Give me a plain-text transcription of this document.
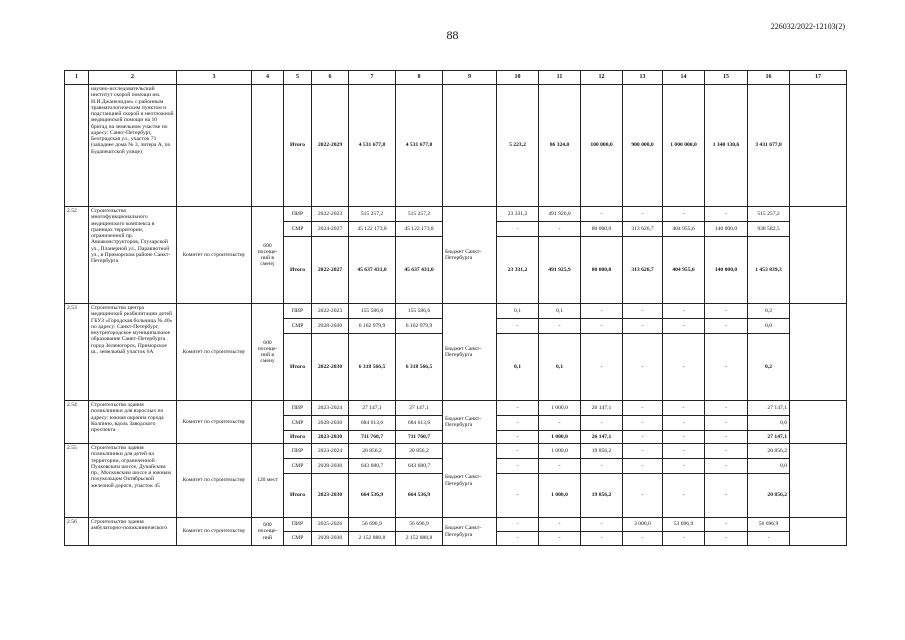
88
226032/2022-12103(2)
1	2	3	4	5	6	7	8	9	10	11	12	13	14	15	16	17
	научно-исследовательский институт скорой помощи им. И.И.Джанелидзе» с районным травматологическим пунктом и подстанцией скорой и неотложной медицинской помощи на 10 бригад на земельном участке по адресу: Санкт-Петербург, Белградская ул., участок 71 (западнее дома № 3, литера А, по Будапештской улице)			Итого	2022-2029	4 531 677,8	4 531 677,8		5 223,2	86 324,0	100 000,0	900 000,0	1 000 000,0	1 340 130,6	3 431 677,8	
2.52	Строительство многофункционального медицинского комплекса в границах территории, ограниченной пр. Авиаконструкторов, Глухарской ул., Планерной ул., Парашютной ул., в Приморском районе Санкт-Петербурга	Комитет по строительству	600 посеще-ний в смену	ПИР	2022-2023	515 257,2	515 257,2	Бюджет Санкт-Петербурга	23 331,2	491 926,0	-	-	-	-	515 257,2	
				СМР	2024-2027	45 122 173,8	45 122 173,8		-	-	80 000,0	313 626,7	404 955,6	140 000,0	938 582,5	
				Итого	2022-2027	45 637 431,0	45 637 431,0		23 331,2	491 925,9	80 000,0	313 626,7	404 955,6	140 000,0	1 453 839,3	
2.53	Строительство центра медицинской реабилитации детей ГБУЗ «Городская больница № 40» по адресу: Санкт-Петербург, внутригородское муниципальное образование Санкт-Петербурга город Зеленогорск, Приморское ш., земельный участок 6А	Комитет по строительству	600 посеще-ний в смену	ПИР	2022-2023	155 586,6	155 586,6	Бюджет Санкт-Петербурга	0,1	0,1	-	-	-	-	0,2	
				СМР	2028-2030	6 162 979,9	6 162 979,9		-	-	-	-	-	-	0,0	
				Итого	2022-2030	6 318 566,5	6 318 566,5		0,1	0,1	-	-	-	-	0,2	
2.54	Строительство здания поликлиники для взрослых по адресу: южная окраина города Колпино, вдоль Заводского проспекта	Комитет по строительству		ПИР	2023-2024	27 147,1	27 147,1	Бюджет Санкт-Петербурга	-	1 000,0	26 147,1	-	-	-	27 147,1	
				СМР	2028-2030	684 613,6	684 613,6		-	-	-	-	-	-	0,0	
				Итого	2023-2030	711 760,7	711 760,7		-	1 000,0	26 147,1	-	-	-	27 147,1	
2.55	Строительство здания поликлиники для детей на территории, ограниченной Пулковским шоссе, Дунайским пр., Московским шоссе и южным полукольцом Октябрьской железной дороги, участок 45	Комитет по строительству	120 мест	ПИР	2023-2024	20 856,2	20 856,2	Бюджет Санкт-Петербурга	-	1 000,0	19 856,2	-	-	-	20 856,2	
				СМР	2028-2030	643 680,7	643 680,7		-	-	-	-	-	-	0,0	
				Итого	2023-2030	664 536,9	664 536,9		-	1 000,0	19 856,2	-	-	-	20 856,2	
2.56	Строительство здания амбулаторно-поликлинического	Комитет по строительству	600 посеще-ний	ПИР	2025-2026	56 696,9	56 696,9	Бюджет Санкт-Петербурга	-	-	-	3 000,0	53 696,9	-	56 696,9	
				СМР	2028-2030	2 152 888,8	2 152 888,8		-	-	-	-	-	-	-	
